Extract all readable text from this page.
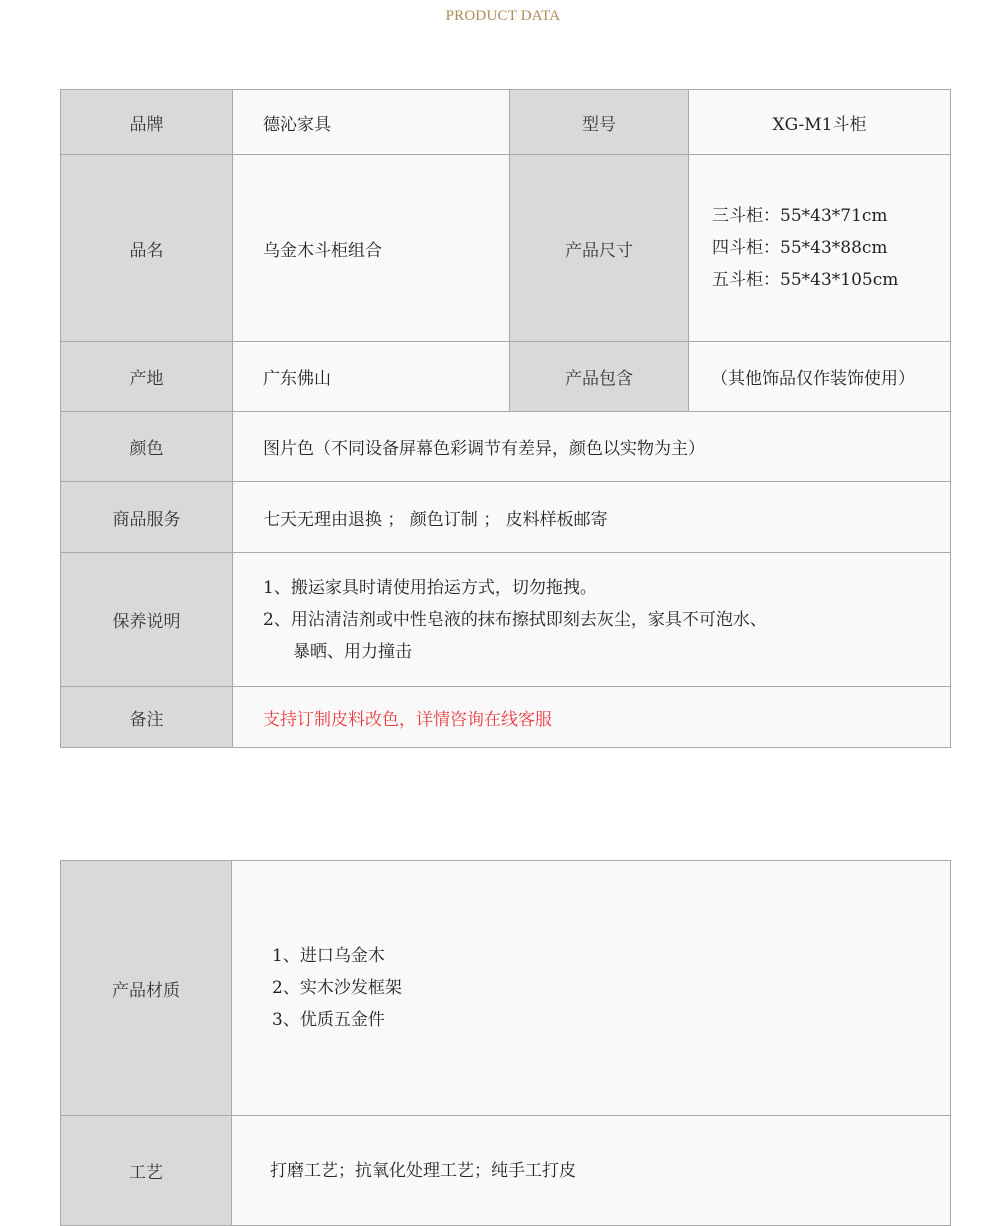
PRODUCT DATA
品牌	德沁家具	型号	XG-M1斗柜
品名	乌金木斗柜组合	产品尺寸	三斗柜：55*43*71cm
四斗柜：55*43*88cm
五斗柜：55*43*105cm

产地	广东佛山	产品包含	（其他饰品仅作装饰使用）
颜色	图片色（不同设备屏幕色彩调节有差异，颜色以实物为主）		
商品服务	七天无理由退换 ； 颜色订制 ； 皮料样板邮寄		
保养说明	1、搬运家具时请使用抬运方式，切勿拖拽。
2、用沾清洁剂或中性皂液的抹布擦拭即刻去灰尘，家具不可泡水、
暴晒、用力撞击		

备注	支持订制皮料改色，详情咨询在线客服		
产品材质	1、进口乌金木
2、实木沙发框架
3、优质五金件

工艺	打磨工艺；抗氧化处理工艺；纯手工打皮
